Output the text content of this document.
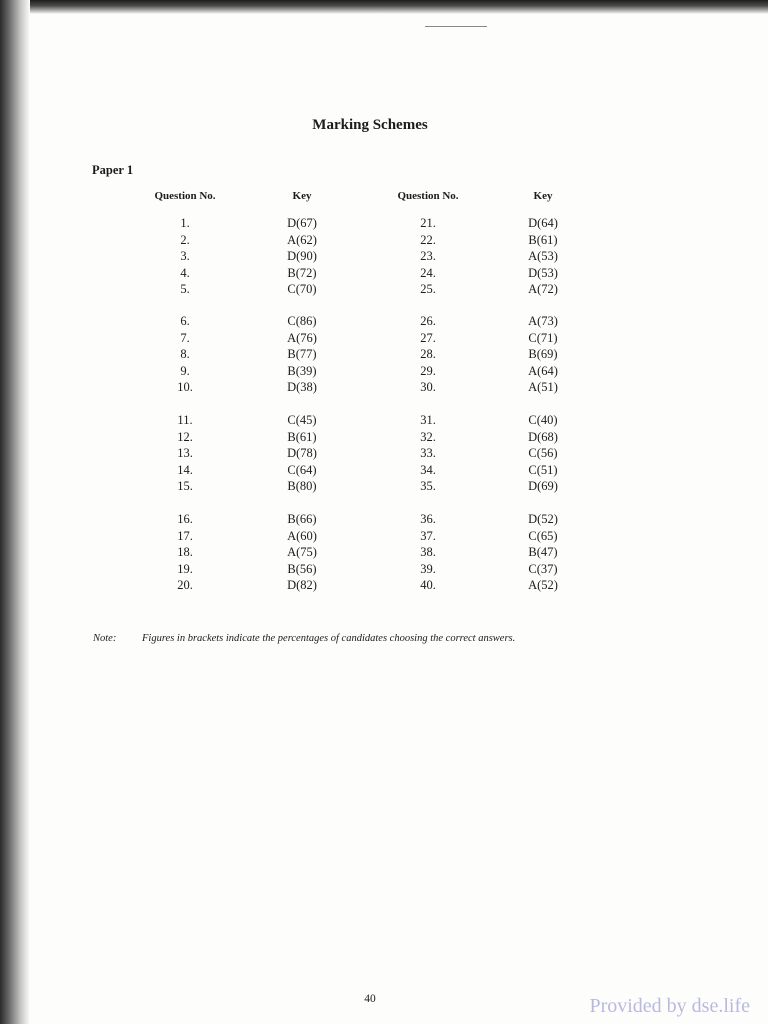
Marking Schemes
Paper 1
Question No.	Key	Question No.	Key
1.	D(67)	21.	D(64)
2.	A(62)	22.	B(61)
3.	D(90)	23.	A(53)
4.	B(72)	24.	D(53)
5.	C(70)	25.	A(72)
6.	C(86)	26.	A(73)
7.	A(76)	27.	C(71)
8.	B(77)	28.	B(69)
9.	B(39)	29.	A(64)
10.	D(38)	30.	A(51)
11.	C(45)	31.	C(40)
12.	B(61)	32.	D(68)
13.	D(78)	33.	C(56)
14.	C(64)	34.	C(51)
15.	B(80)	35.	D(69)
16.	B(66)	36.	D(52)
17.	A(60)	37.	C(65)
18.	A(75)	38.	B(47)
19.	B(56)	39.	C(37)
20.	D(82)	40.	A(52)
Note: Figures in brackets indicate the percentages of candidates choosing the correct answers.
40	Provided by dse.life
